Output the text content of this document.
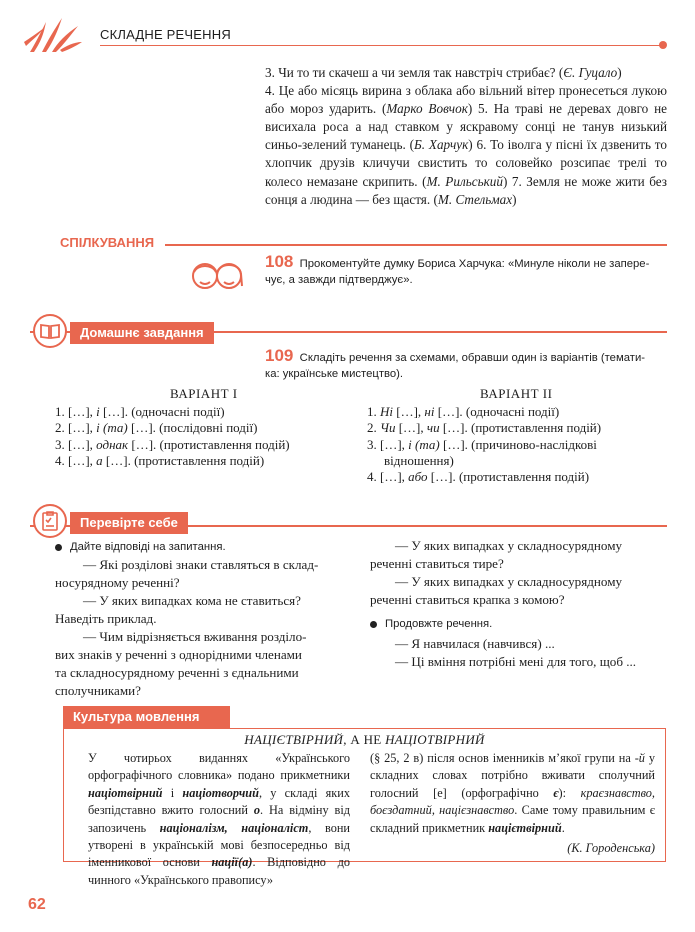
СКЛАДНЕ РЕЧЕННЯ
3. Чи то ти скачеш а чи земля так навстріч стрибає? (Є. Гуцало)
4. Це або місяць вирина з облака або вільний вітер пронесеться лукою або мороз ударить. (Марко Вовчок) 5. На траві не деревах довго не висихала роса а над ставком у яскравому сонці не танув низький синьо-зелений туманець. (Б. Харчук) 6. То іволга у пісні їх дзвенить то хлопчик друзів кличучи свистить то соловейко розсипає трелі то колесо немазане скрипить. (М. Рильський) 7. Земля не може жити без сонця а людина — без щастя. (М. Стельмах)
СПІЛКУВАННЯ
108 Прокоментуйте думку Бориса Харчука: «Минуле ніколи не запере-
чує, а завжди підтверджує».
Домашнє завдання
109 Складіть речення за схемами, обравши один із варіантів (темати-
ка: українське мистецтво).
ВАРІАНТ І	ВАРІАНТ ІІ
1. […], і […]. (одночасні події)
2. […], і (та) […]. (послідовні події)
3. […], однак […]. (протиставлення подій)
4. […], а […]. (протиставлення подій)
1. Ні […], ні […]. (одночасні події)
2. Чи […], чи […]. (протиставлення подій)
3. […], і (та) […]. (причиново-наслідкові
відношення)
4. […], або […]. (протиставлення подій)
Перевірте себе
Дайте відповіді на запитання.
— Які розділові знаки ставляться в склад-
носурядному реченні?
— У яких випадках кома не ставиться?
Наведіть приклад.
— Чим відрізняється вживання розділо-
вих знаків у реченні з однорідними членами
та складносурядному реченні з єднальними
сполучниками?
— У яких випадках у складносурядному
реченні ставиться тире?
— У яких випадках у складносурядному
реченні ставиться крапка з комою?
Продовжте речення.
— Я навчилася (навчився) ...
— Ці вміння потрібні мені для того, щоб ...
Культура мовлення
НАЦІЄТВІРНИЙ, А НЕ НАЦІОТВІРНИЙ
У чотирьох виданнях «Українського орфографічного словника» подано прикметники націотвірний і націотворчий, у складі яких безпідставно вжито голосний о. На відміну від запозичень націоналізм, націоналіст, вони утворені в українській мові безпосередньо від іменникової основи нації(а). Відповідно до чинного «Українського правопису»
(§ 25, 2 в) після основ іменників м’якої групи на -й у складних словах потрібно вживати сполучний голосний [е] (орфографічно є): краєзнавство, боєздатний, націєзнавство. Саме тому правильним є складний прикметник націєтвірний.
(К. Городенська)
62
